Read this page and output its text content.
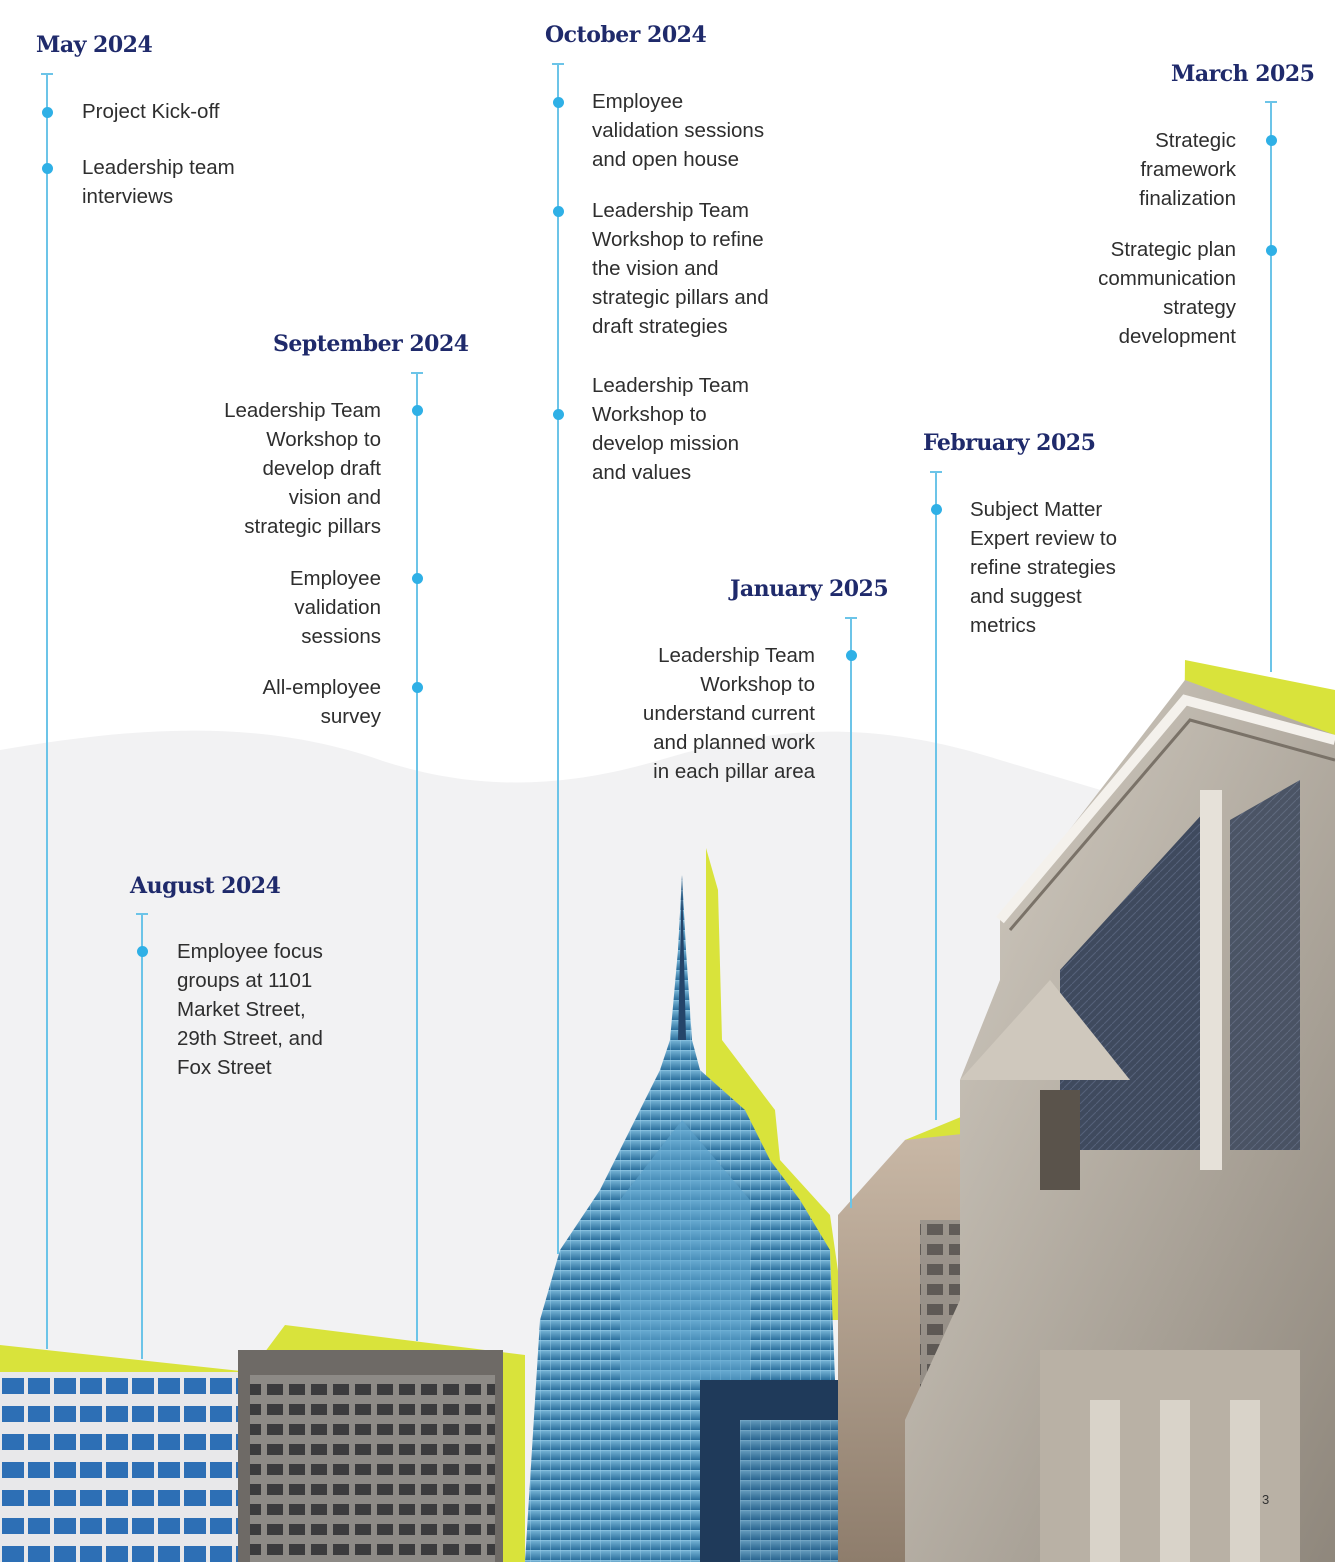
May 2024
Project Kick-off
Leadership team
interviews
October 2024
Employee
validation sessions
and open house
Leadership Team
Workshop to refine
the vision and
strategic pillars and
draft strategies
Leadership Team
Workshop to
develop mission
and values
March 2025
Strategic
framework
finalization
Strategic plan
communication
strategy
development
September 2024
Leadership Team
Workshop to
develop draft
vision and
strategic pillars
Employee
validation
sessions
All-employee
survey
February 2025
Subject Matter
Expert review to
refine strategies
and suggest
metrics
January 2025
Leadership Team
Workshop to
understand current
and planned work
in each pillar area
August 2024
Employee focus
groups at 1101
Market Street,
29th Street, and
Fox Street
3
